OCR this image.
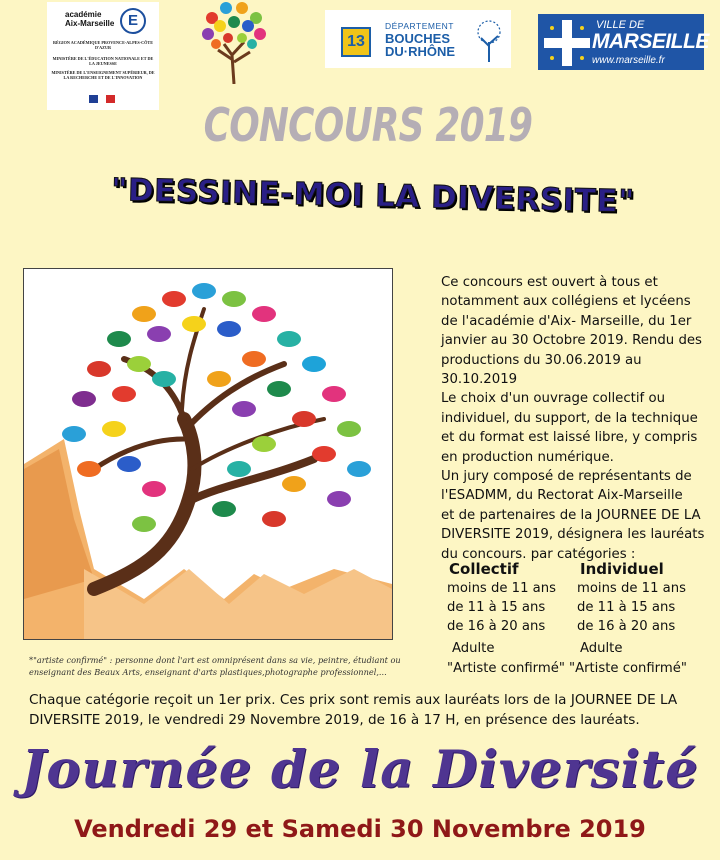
académie
Aix-Marseille E
RÉGION ACADÉMIQUE PROVENCE-ALPES-CÔTE D'AZUR
MINISTÈRE DE L'ÉDUCATION NATIONALE ET DE LA JEUNESSE
MINISTÈRE DE L'ENSEIGNEMENT SUPÉRIEUR, DE LA RECHERCHE ET DE L'INNOVATION
13
DÉPARTEMENT
BOUCHES
DU·RHÔNE
VILLE DE
MARSEILLE
www.marseille.fr
CONCOURS 2019
"DESSINE-MOI LA DIVERSITE"
*"artiste confirmé" : personne dont l'art est omniprésent dans sa vie, peintre, étudiant ou
enseignant des Beaux Arts, enseignant d'arts plastiques,photographe professionnel,...
Ce concours est ouvert à tous et
notamment aux collégiens et lycéens
de l'académie d'Aix- Marseille, du 1er
janvier au 30 Octobre 2019. Rendu des
productions du 30.06.2019 au
30.10.2019
Le choix d'un ouvrage collectif ou
individuel, du support, de la technique
et du format est laissé libre, y compris
en production numérique.
Un jury composé de représentants de
l'ESADMM, du Rectorat Aix-Marseille
et de partenaires de la JOURNEE DE LA
DIVERSITE 2019, désignera les lauréats
du concours. par catégories :
Collectif	Individuel
moins de 11 ans
de 11 à 15 ans
de 16 à 20 ans
Adulte
"Artiste confirmé"
moins de 11 ans
de 11 à 15 ans
de 16 à 20 ans
Adulte
"Artiste confirmé"
Chaque catégorie reçoit un 1er prix. Ces prix sont remis aux lauréats lors de la JOURNEE DE LA
DIVERSITE 2019, le vendredi 29 Novembre 2019, de 16 à 17 H, en présence des lauréats.
Journée de la Diversité
Vendredi 29 et Samedi 30 Novembre 2019
